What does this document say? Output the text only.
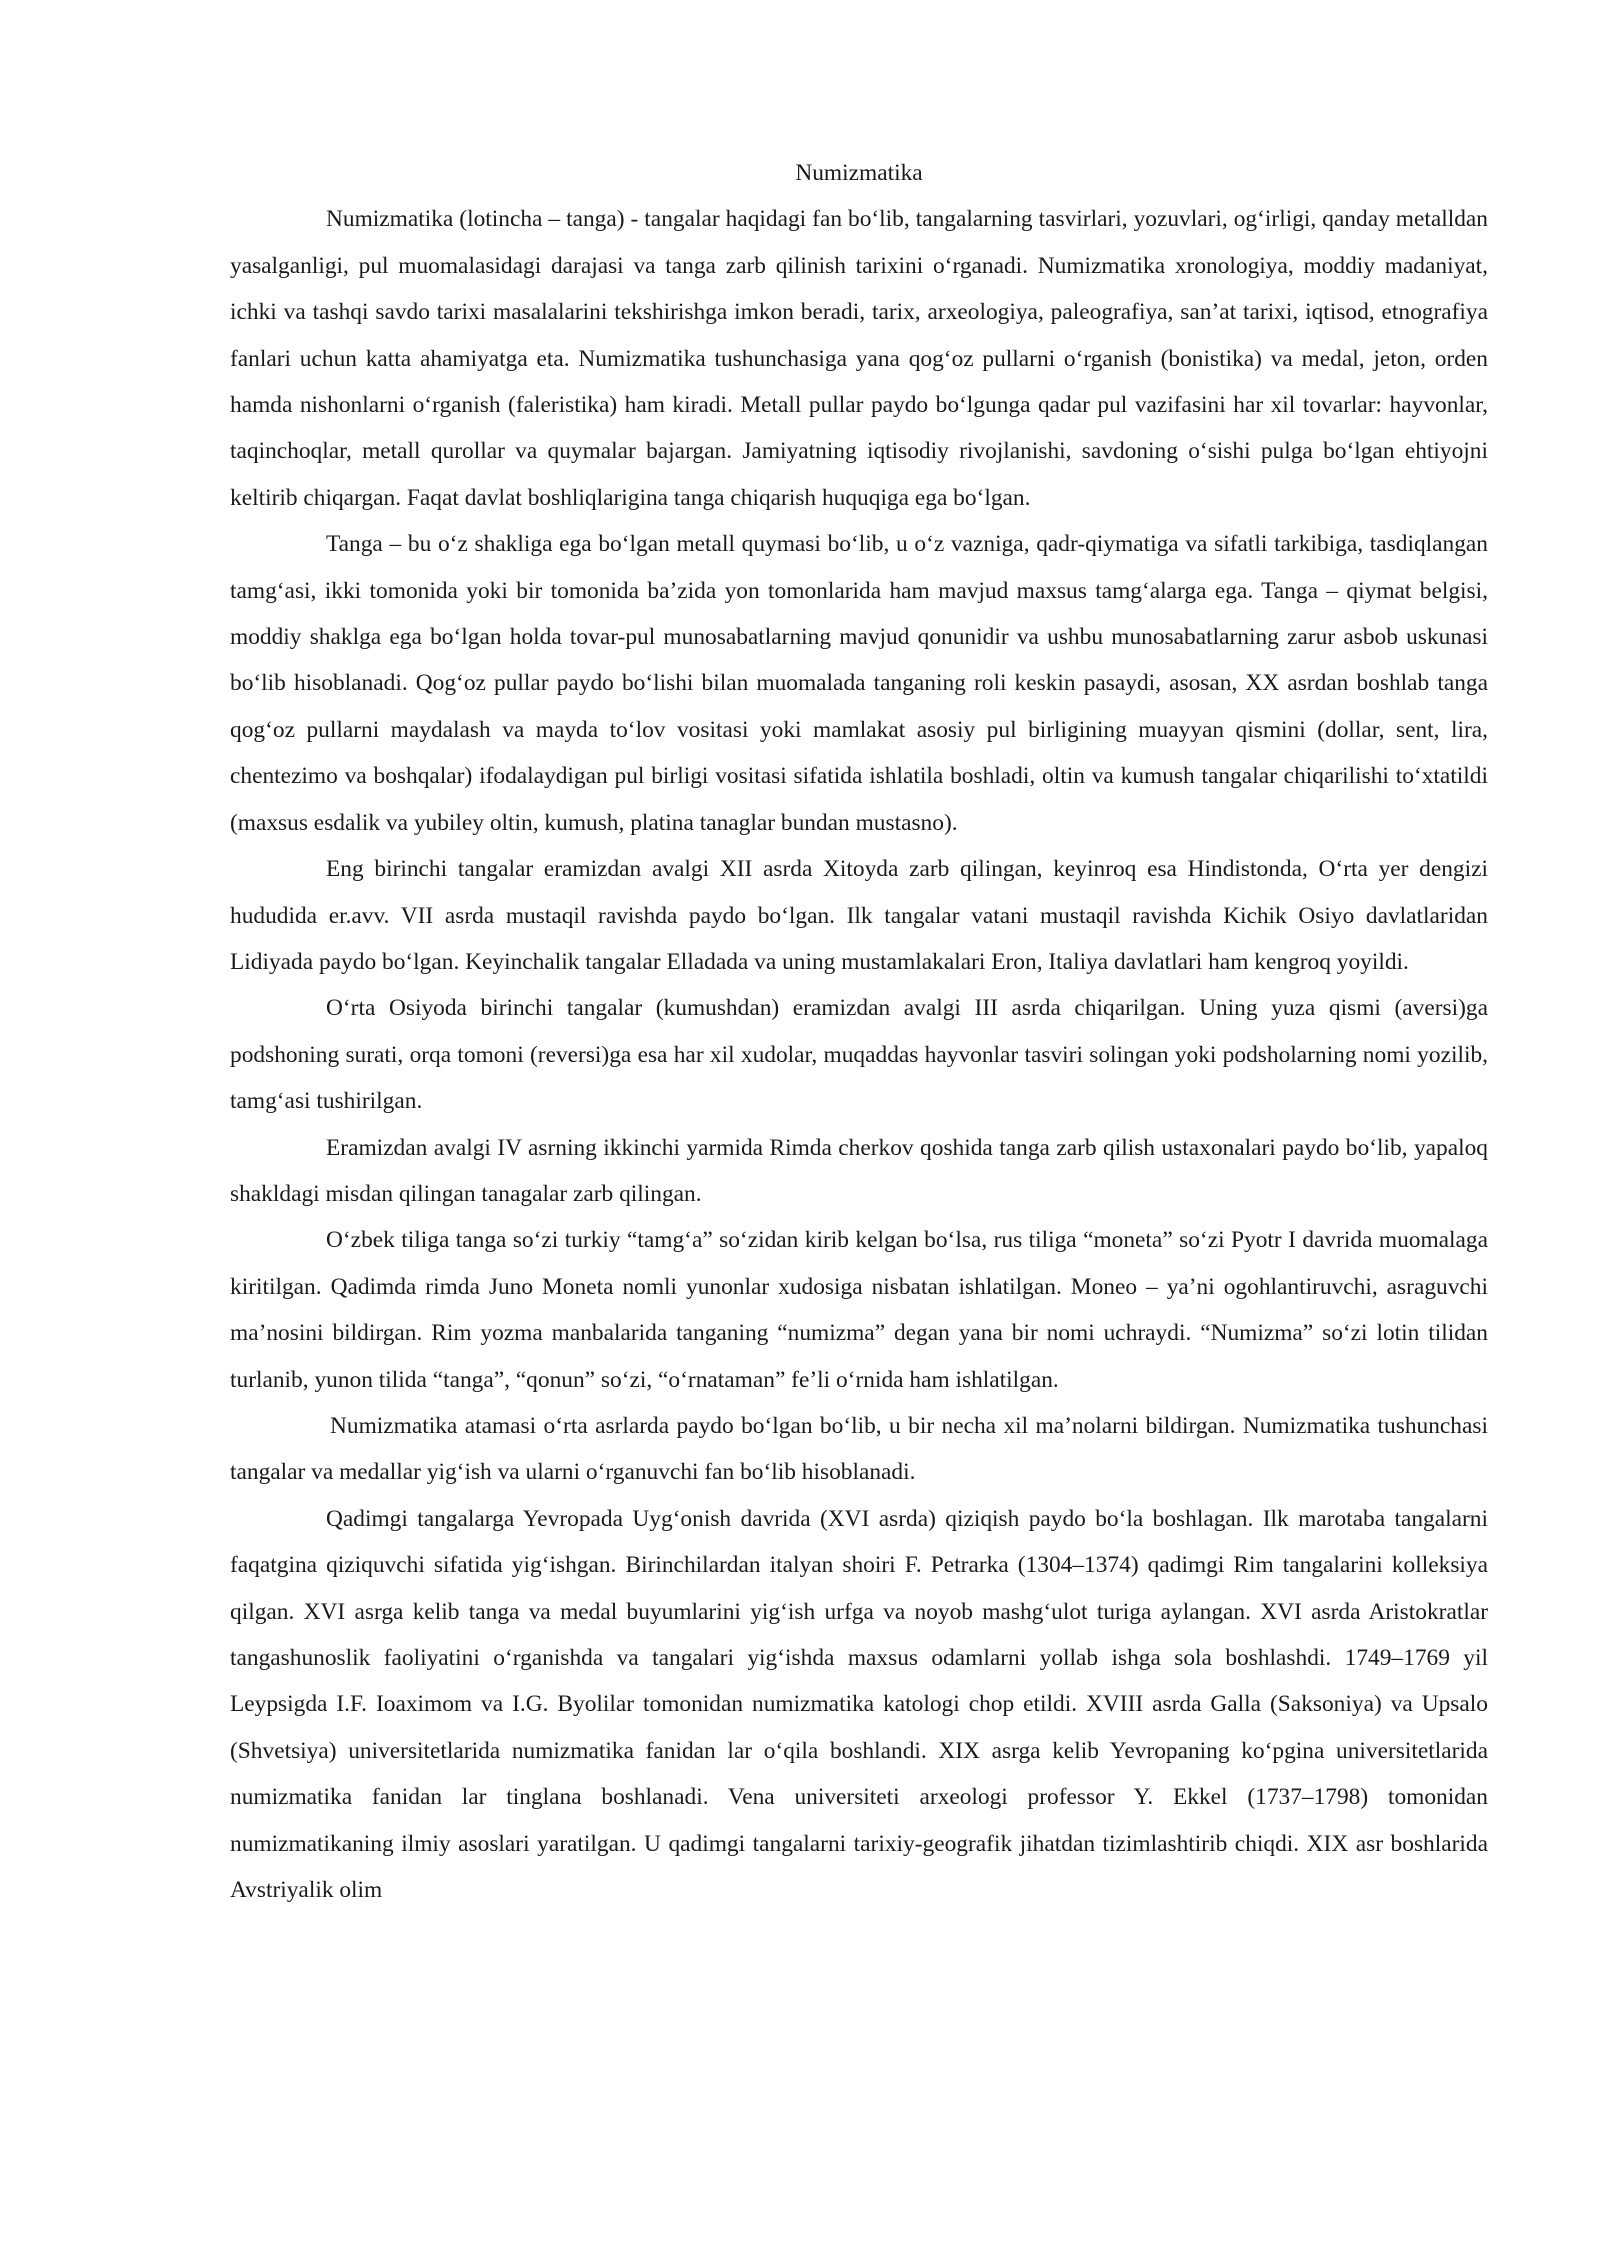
Numizmatika

Numizmatika (lotincha – tanga) - tangalar haqidagi fan bo‘lib, tangalarning tasvirlari, yozuvlari, og‘irligi, qanday metalldan yasalganligi, pul muomalasidagi darajasi va tanga zarb qilinish tarixini o‘rganadi. Numizmatika xronologiya, moddiy madaniyat, ichki va tashqi savdo tarixi masalalarini tekshirishga imkon beradi, tarix, arxeologiya, paleografiya, san’at tarixi, iqtisod, etnografiya fanlari uchun katta ahamiyatga eta. Numizmatika tushunchasiga yana qog‘oz pullarni o‘rganish (bonistika) va medal, jeton, orden hamda nishonlarni o‘rganish (faleristika) ham kiradi. Metall pullar paydo bo‘lgunga qadar pul vazifasini har xil tovarlar: hayvonlar, taqinchoqlar, metall qurollar va quymalar bajargan. Jamiyatning iqtisodiy rivojlanishi, savdoning o‘sishi pulga bo‘lgan ehtiyojni keltirib chiqargan. Faqat davlat boshliqlarigina tanga chiqarish huquqiga ega bo‘lgan.

Tanga – bu o‘z shakliga ega bo‘lgan metall quymasi bo‘lib, u o‘z vazniga, qadr-qiymatiga va sifatli tarkibiga, tasdiqlangan tamg‘asi, ikki tomonida yoki bir tomonida ba’zida yon tomonlarida ham mavjud maxsus tamg‘alarga ega. Tanga – qiymat belgisi, moddiy shaklga ega bo‘lgan holda tovar-pul munosabatlarning mavjud qonunidir va ushbu munosabatlarning zarur asbob uskunasi bo‘lib hisoblanadi. Qog‘oz pullar paydo bo‘lishi bilan muomalada tanganing roli keskin pasaydi, asosan, XX asrdan boshlab tanga qog‘oz pullarni maydalash va mayda to‘lov vositasi yoki mamlakat asosiy pul birligining muayyan qismini (dollar, sent, lira, chentezimo va boshqalar) ifodalaydigan pul birligi vositasi sifatida ishlatila boshladi, oltin va kumush tangalar chiqarilishi to‘xtatildi (maxsus esdalik va yubiley oltin, kumush, platina tanaglar bundan mustasno).

Eng birinchi tangalar eramizdan avalgi XII asrda Xitoyda zarb qilingan, keyinroq esa Hindistonda, O‘rta yer dengizi hududida er.avv. VII asrda mustaqil ravishda paydo bo‘lgan. Ilk tangalar vatani mustaqil ravishda Kichik Osiyo davlatlaridan Lidiyada paydo bo‘lgan. Keyinchalik tangalar Elladada va uning mustamlakalari Eron, Italiya davlatlari ham kengroq yoyildi.

O‘rta Osiyoda birinchi tangalar (kumushdan) eramizdan avalgi III asrda chiqarilgan. Uning yuza qismi (aversi)ga podshoning surati, orqa tomoni (reversi)ga esa har xil xudolar, muqaddas hayvonlar tasviri solingan yoki podsholarning nomi yozilib, tamg‘asi tushirilgan.

Eramizdan avalgi IV asrning ikkinchi yarmida Rimda cherkov qoshida tanga zarb qilish ustaxonalari paydo bo‘lib, yapaloq shakldagi misdan qilingan tanagalar zarb qilingan.

O‘zbek tiliga tanga so‘zi turkiy “tamg‘a” so‘zidan kirib kelgan bo‘lsa, rus tiliga “moneta” so‘zi Pyotr I davrida muomalaga kiritilgan. Qadimda rimda Juno Moneta nomli yunonlar xudosiga nisbatan ishlatilgan. Moneo – ya’ni ogohlantiruvchi, asraguvchi ma’nosini bildirgan. Rim yozma manbalarida tanganing “numizma” degan yana bir nomi uchraydi. “Numizma” so‘zi lotin tilidan turlanib, yunon tilida “tanga”, “qonun” so‘zi, “o‘rnataman” fe’li o‘rnida ham ishlatilgan.

Numizmatika atamasi o‘rta asrlarda paydo bo‘lgan bo‘lib, u bir necha xil ma’nolarni bildirgan. Numizmatika tushunchasi tangalar va medallar yig‘ish va ularni o‘rganuvchi fan bo‘lib hisoblanadi.

Qadimgi tangalarga Yevropada Uyg‘onish davrida (XVI asrda) qiziqish paydo bo‘la boshlagan. Ilk marotaba tangalarni faqatgina qiziquvchi sifatida yig‘ishgan. Birinchilardan italyan shoiri F. Petrarka (1304–1374) qadimgi Rim tangalarini kolleksiya qilgan. XVI asrga kelib tanga va medal buyumlarini yig‘ish urfga va noyob mashg‘ulot turiga aylangan. XVI asrda Aristokratlar tangashunoslik faoliyatini o‘rganishda va tangalari yig‘ishda maxsus odamlarni yollab ishga sola boshlashdi. 1749–1769 yil Leypsigda I.F. Ioaximom va I.G. Byolilar tomonidan numizmatika katologi chop etildi. XVIII asrda Galla (Saksoniya) va Upsalo (Shvetsiya) universitetlarida numizmatika fanidan lar o‘qila boshlandi. XIX asrga kelib Yevropaning ko‘pgina universitetlarida numizmatika fanidan lar tinglana boshlanadi. Vena universiteti arxeologi professor Y. Ekkel (1737–1798) tomonidan numizmatikaning ilmiy asoslari yaratilgan. U qadimgi tangalarni tarixiy-geografik jihatdan tizimlashtirib chiqdi. XIX asr boshlarida Avstriyalik olim
